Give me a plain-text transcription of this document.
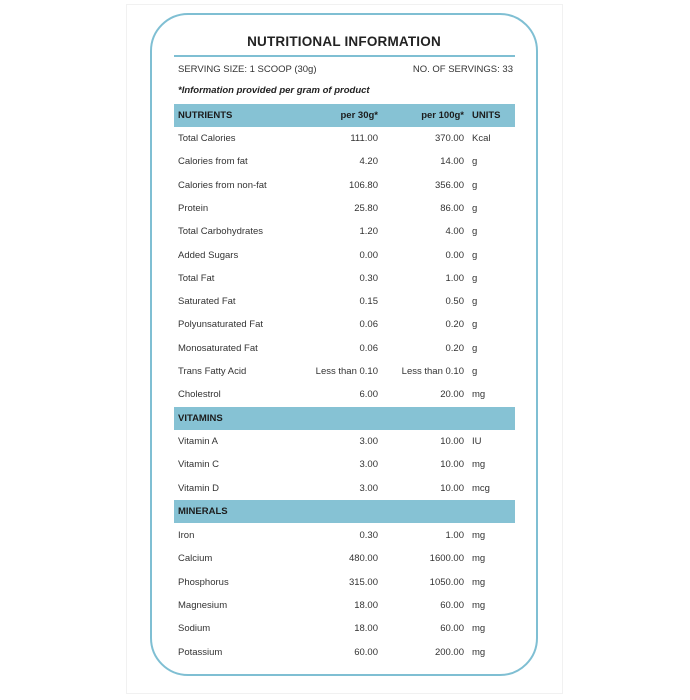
NUTRITIONAL INFORMATION
SERVING SIZE: 1 SCOOP (30g)	NO. OF SERVINGS: 33
*Information provided per gram of product
NUTRIENTS	per 30g*	per 100g* UNITS
Total Calories	111.00	370.00 Kcal
Calories from fat	4.20	14.00 g
Calories from non-fat	106.80	356.00 g
Protein	25.80	86.00 g
Total Carbohydrates	1.20	4.00 g
Added Sugars	0.00	0.00 g
Total Fat	0.30	1.00 g
Saturated Fat	0.15	0.50 g
Polyunsaturated Fat	0.06	0.20 g
Monosaturated Fat	0.06	0.20 g
Trans Fatty Acid	Less than 0.10 Less than 0.10 g
Cholestrol	6.00	20.00 mg
VITAMINS
Vitamin A	3.00	10.00 IU
Vitamin C	3.00	10.00 mg
Vitamin D	3.00	10.00 mcg
MINERALS
Iron	0.30	1.00 mg
Calcium	480.00	1600.00 mg
Phosphorus	315.00	1050.00 mg
Magnesium	18.00	60.00 mg
Sodium	18.00	60.00 mg
Potassium	60.00	200.00 mg
